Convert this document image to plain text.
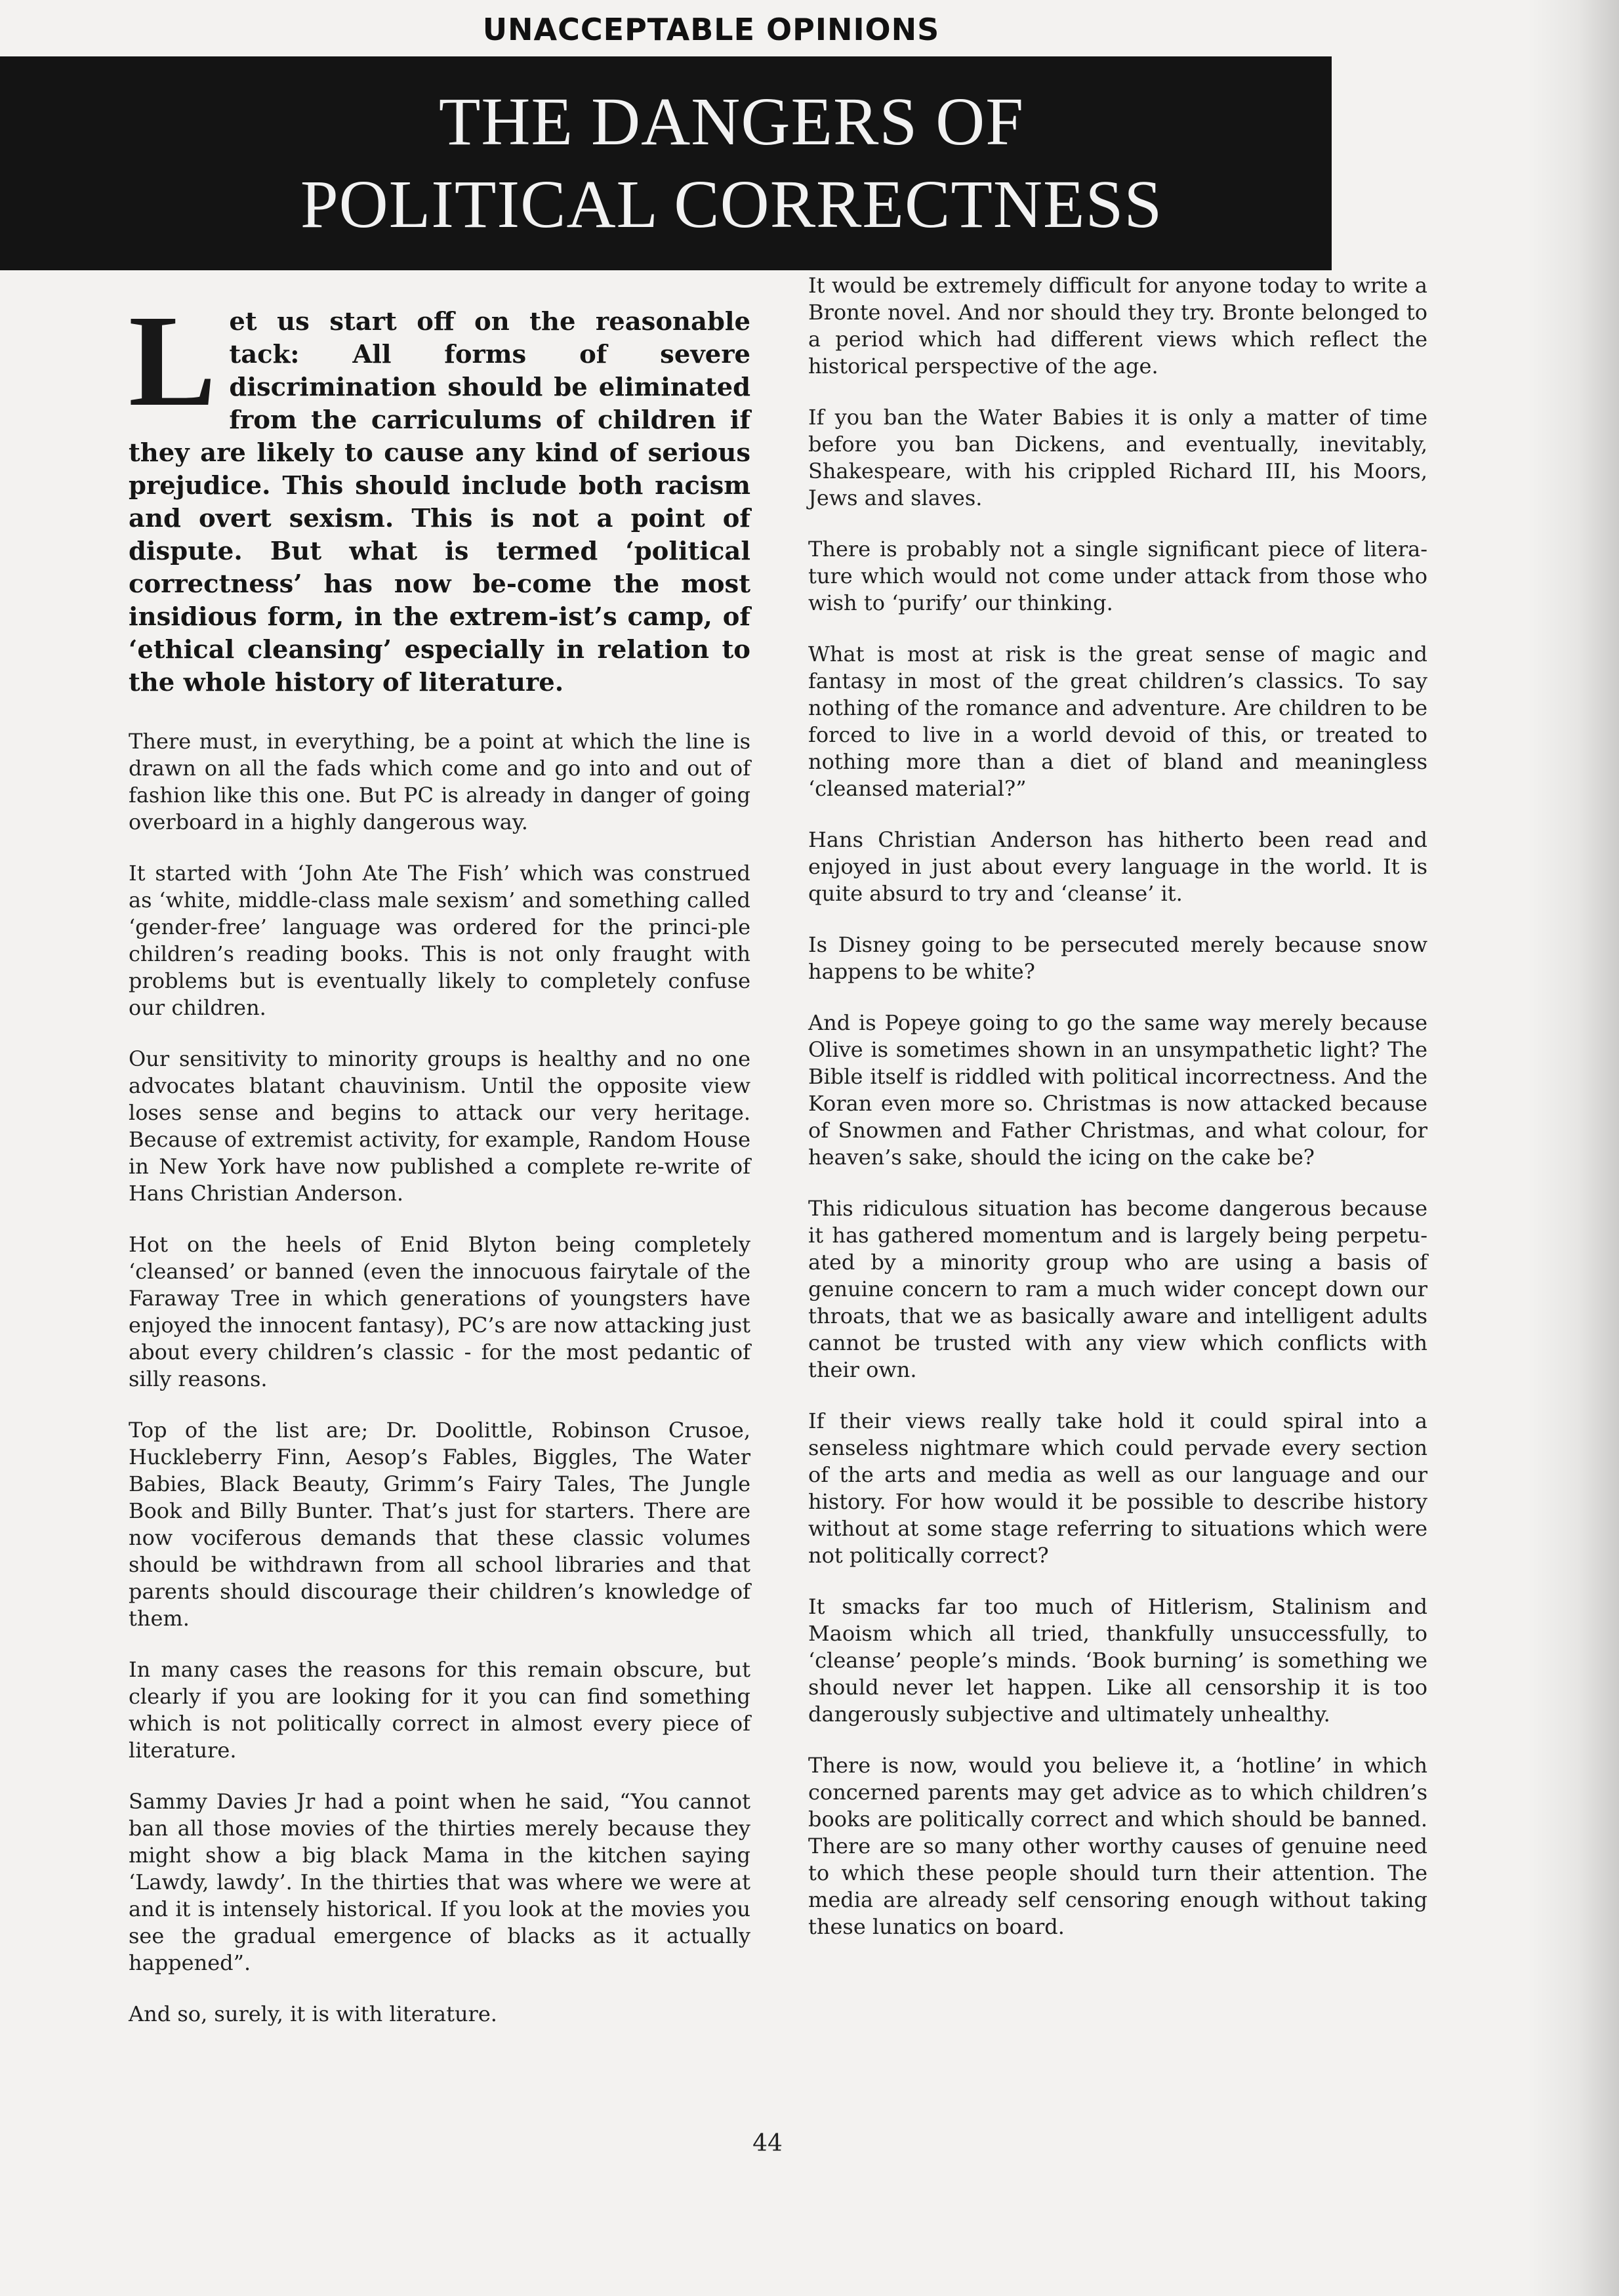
UNACCEPTABLE OPINIONS
THE DANGERS OF
POLITICAL CORRECTNESS
L et us start off on the reasonable tack: All forms of severe discrimination should be eliminated from the carriculums of children if they are likely to cause any kind of serious prejudice. This should include both racism and overt sexism. This is not a point of dispute. But what is termed ‘political correctness’ has now be-come the most insidious form, in the extrem-ist’s camp, of ‘ethical cleansing’ especially in relation to the whole history of literature.

There must, in everything, be a point at which the line is drawn on all the fads which come and go into and out of fashion like this one. But PC is already in danger of going overboard in a highly dangerous way.

It started with ‘John Ate The Fish’ which was construed as ‘white, middle-class male sexism’ and something called ‘gender-free’ language was ordered for the princi-ple children’s reading books. This is not only fraught with problems but is eventually likely to completely confuse our children.

Our sensitivity to minority groups is healthy and no one advocates blatant chauvinism. Until the opposite view loses sense and begins to attack our very heritage. Because of extremist activity, for example, Random House in New York have now published a complete re-write of Hans Christian Anderson.

Hot on the heels of Enid Blyton being completely ‘cleansed’ or banned (even the innocuous fairytale of the Faraway Tree in which generations of youngsters have enjoyed the innocent fantasy), PC’s are now attacking just about every children’s classic - for the most pedantic of silly reasons.

Top of the list are; Dr. Doolittle, Robinson Crusoe, Huckleberry Finn, Aesop’s Fables, Biggles, The Water Babies, Black Beauty, Grimm’s Fairy Tales, The Jungle Book and Billy Bunter. That’s just for starters. There are now vociferous demands that these classic volumes should be withdrawn from all school libraries and that parents should discourage their children’s knowledge of them.

In many cases the reasons for this remain obscure, but clearly if you are looking for it you can find something which is not politically correct in almost every piece of literature.

Sammy Davies Jr had a point when he said, “You cannot ban all those movies of the thirties merely because they might show a big black Mama in the kitchen saying ‘Lawdy, lawdy’. In the thirties that was where we were at and it is intensely historical. If you look at the movies you see the gradual emergence of blacks as it actually happened”.

And so, surely, it is with literature.

It would be extremely difficult for anyone today to write a Bronte novel. And nor should they try. Bronte belonged to a period which had different views which reflect the historical perspective of the age.

If you ban the Water Babies it is only a matter of time before you ban Dickens, and eventually, inevitably, Shakespeare, with his crippled Richard III, his Moors, Jews and slaves.

There is probably not a single significant piece of litera-ture which would not come under attack from those who wish to ‘purify’ our thinking.

What is most at risk is the great sense of magic and fantasy in most of the great children’s classics. To say nothing of the romance and adventure. Are children to be forced to live in a world devoid of this, or treated to nothing more than a diet of bland and meaningless ‘cleansed material?”

Hans Christian Anderson has hitherto been read and enjoyed in just about every language in the world. It is quite absurd to try and ‘cleanse’ it.

Is Disney going to be persecuted merely because snow happens to be white?

And is Popeye going to go the same way merely because Olive is sometimes shown in an unsympathetic light? The Bible itself is riddled with political incorrectness. And the Koran even more so. Christmas is now attacked because of Snowmen and Father Christmas, and what colour, for heaven’s sake, should the icing on the cake be?

This ridiculous situation has become dangerous because it has gathered momentum and is largely being perpetu-ated by a minority group who are using a basis of genuine concern to ram a much wider concept down our throats, that we as basically aware and intelligent adults cannot be trusted with any view which conflicts with their own.

If their views really take hold it could spiral into a senseless nightmare which could pervade every section of the arts and media as well as our language and our history. For how would it be possible to describe history without at some stage referring to situations which were not politically correct?

It smacks far too much of Hitlerism, Stalinism and Maoism which all tried, thankfully unsuccessfully, to ‘cleanse’ people’s minds. ‘Book burning’ is something we should never let happen. Like all censorship it is too dangerously subjective and ultimately unhealthy.

There is now, would you believe it, a ‘hotline’ in which concerned parents may get advice as to which children’s books are politically correct and which should be banned. There are so many other worthy causes of genuine need to which these people should turn their attention. The media are already self censoring enough without taking these lunatics on board.

44
